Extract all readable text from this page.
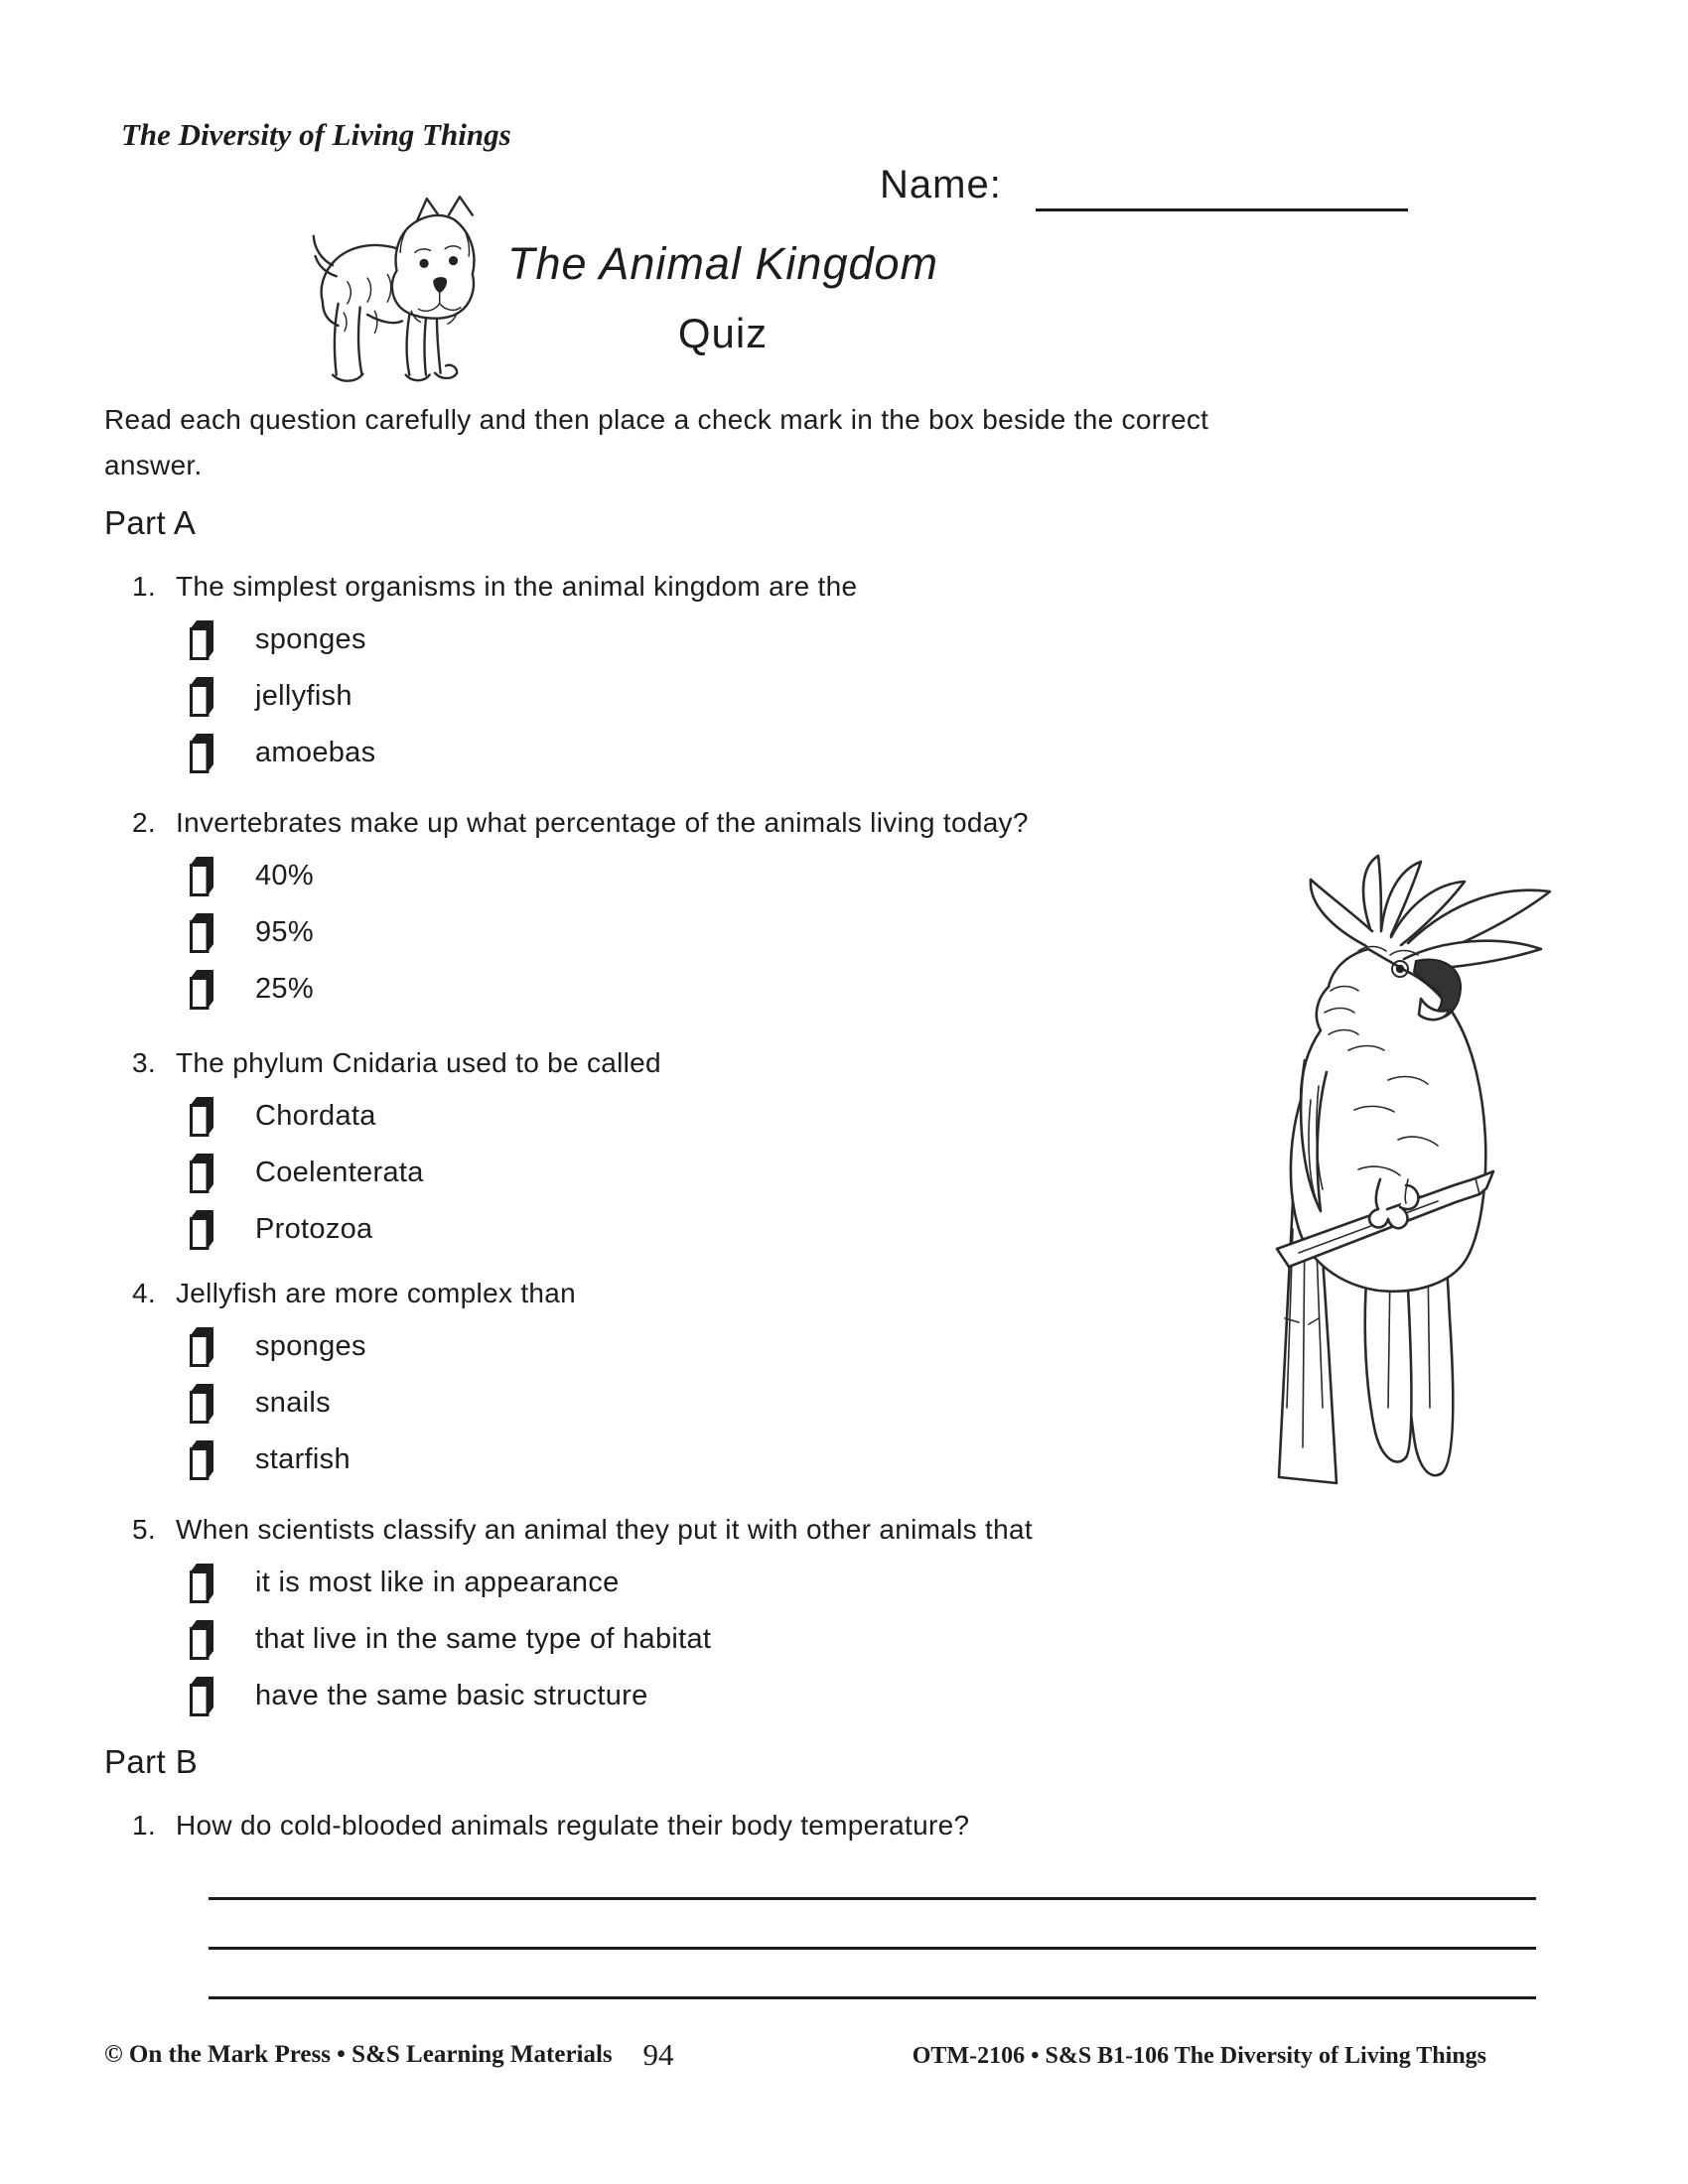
The Diversity of Living Things
Name:
The Animal Kingdom
Quiz
Read each question carefully and then place a check mark in the box beside the correct answer.
Part A
1. The simplest organisms in the animal kingdom are the
sponges
jellyfish
amoebas
2. Invertebrates make up what percentage of the animals living today?
40%
95%
25%
3. The phylum Cnidaria used to be called
Chordata
Coelenterata
Protozoa
4. Jellyfish are more complex than
sponges
snails
starfish
5. When scientists classify an animal they put it with other animals that
it is most like in appearance
that live in the same type of habitat
have the same basic structure
Part B
1. How do cold-blooded animals regulate their body temperature?
© On the Mark Press • S&S Learning Materials 94	OTM-2106 • S&S B1-106 The Diversity of Living Things
